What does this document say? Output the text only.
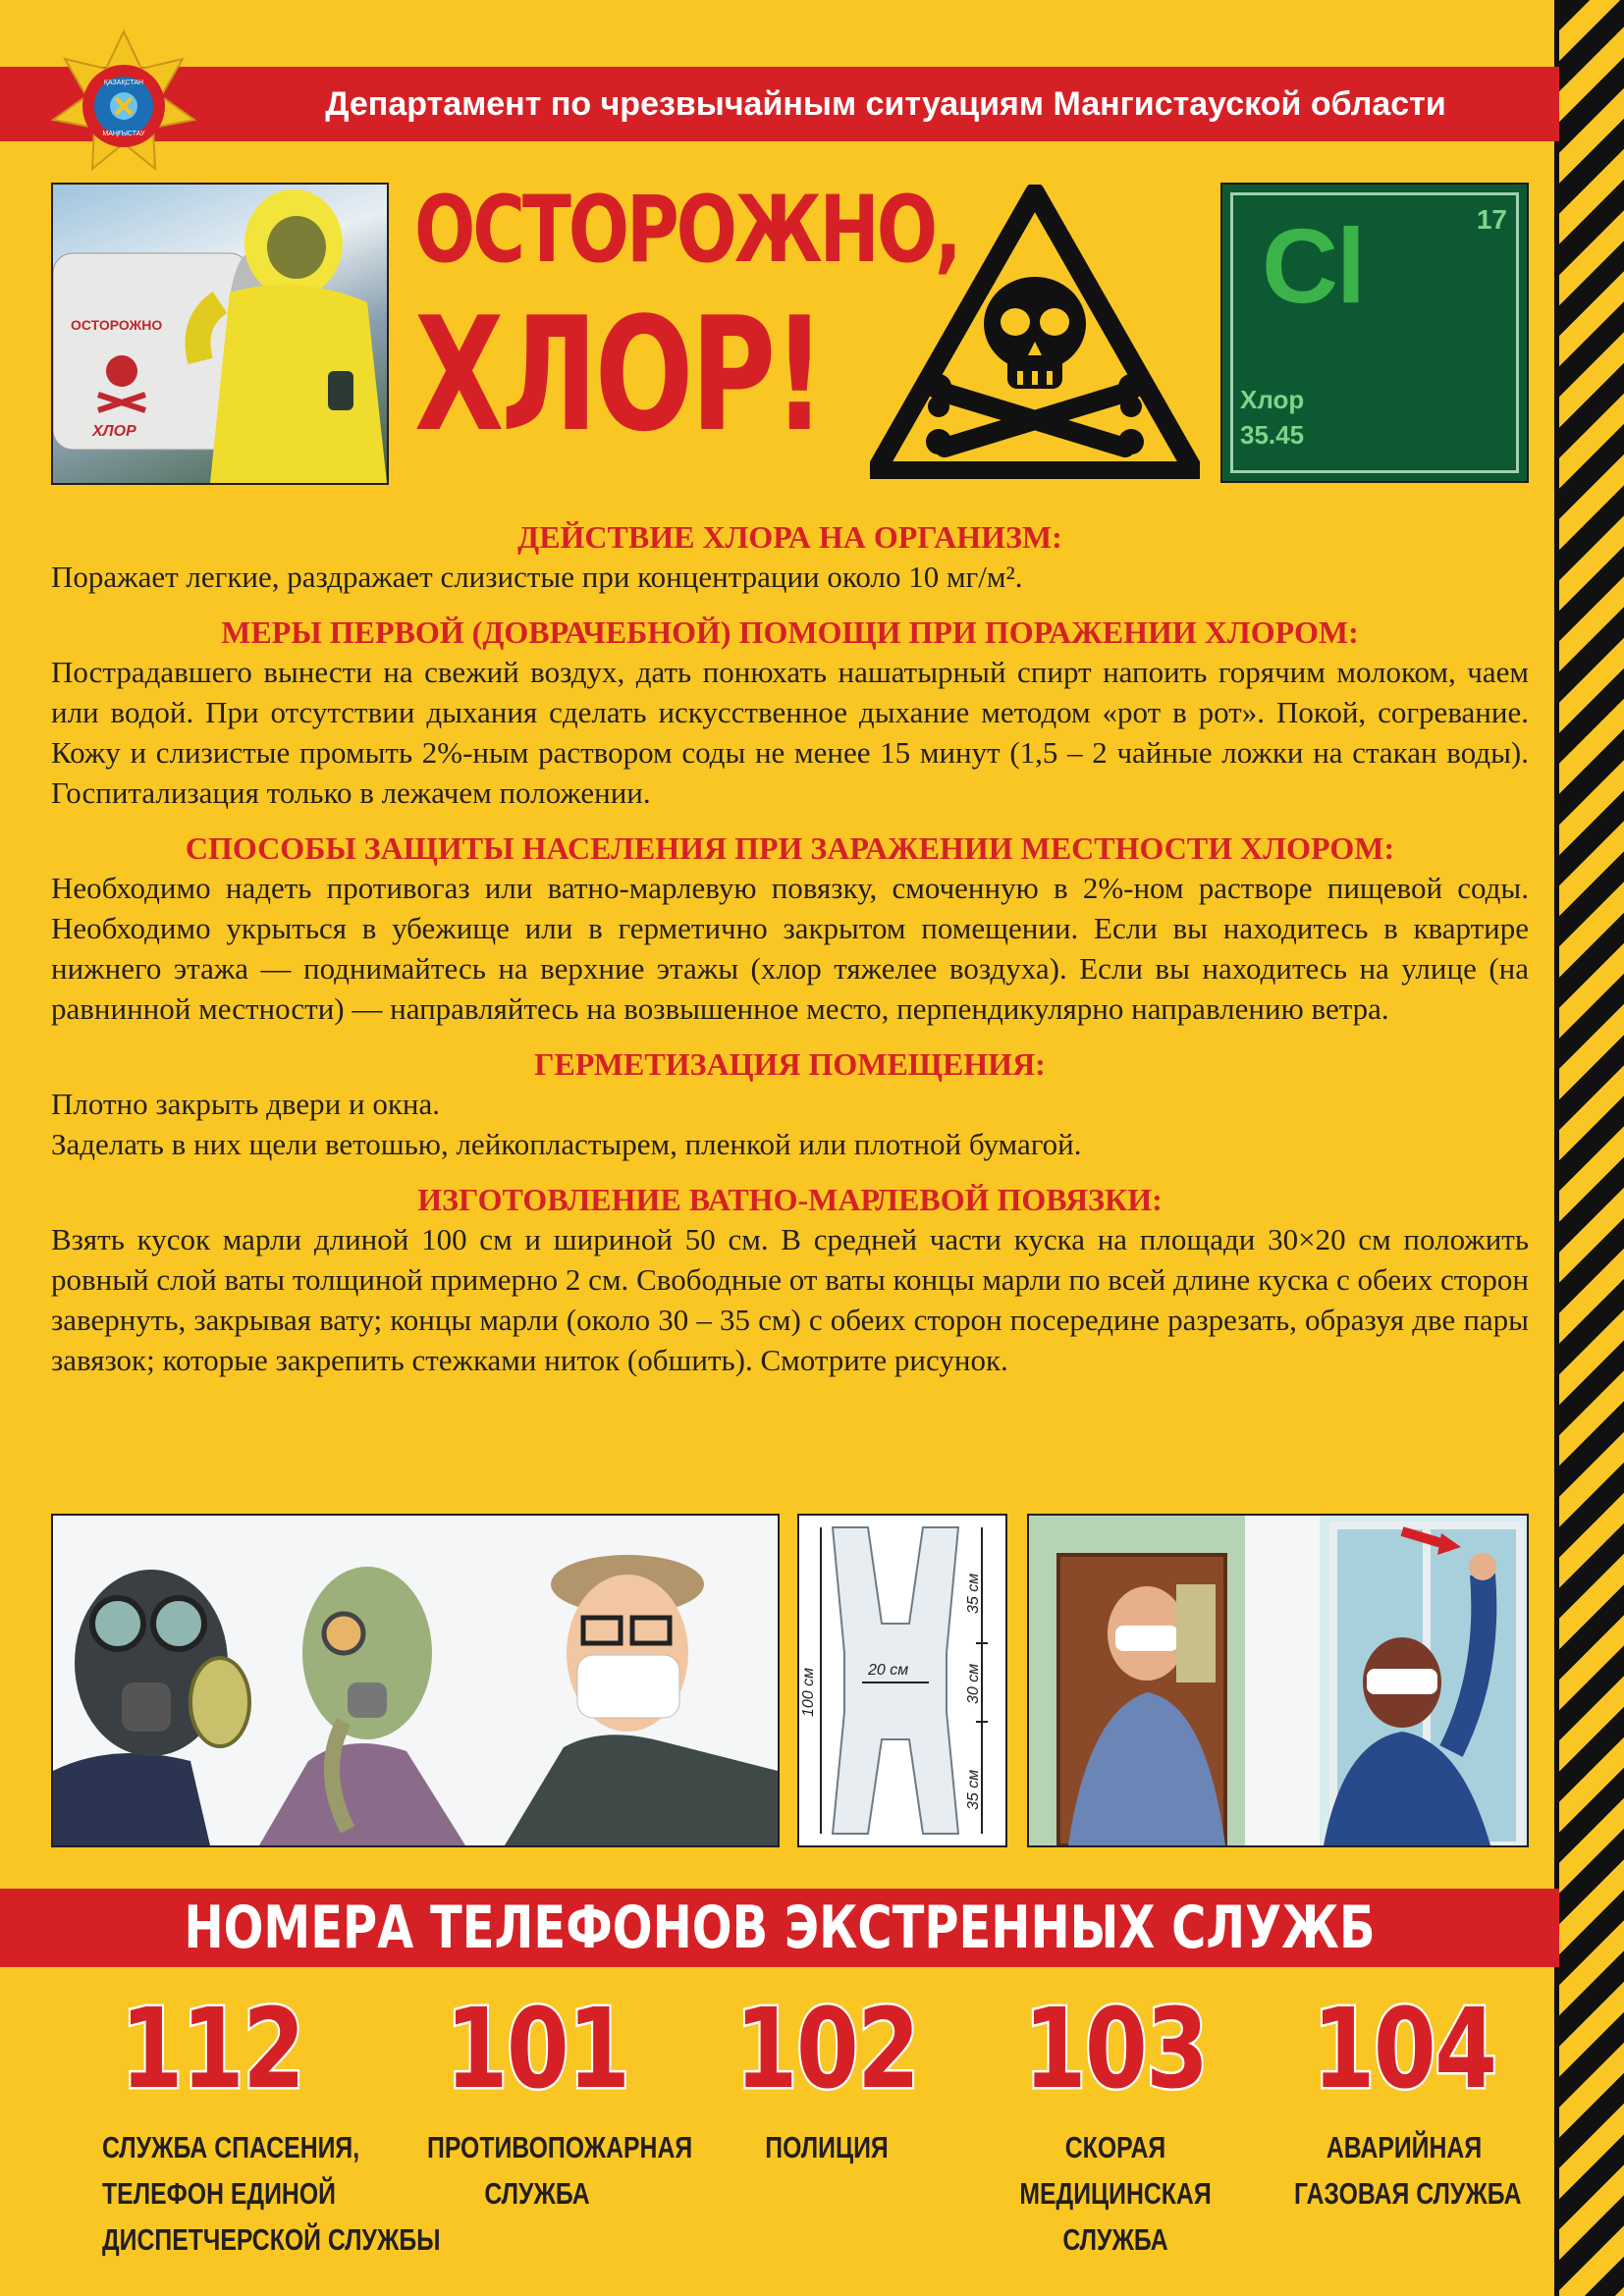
Департамент по чрезвычайным ситуациям Мангистауской области
ҚАЗАҚСТАН
МАҢҒЫСТАУ
ОСТОРОЖНО
ХЛОР
ОСТОРОЖНО,
ХЛОР!
Cl	17
Хлор
35.45

ДЕЙСТВИЕ ХЛОРА НА ОРГАНИЗМ:

Поражает легкие, раздражает слизистые при концентрации около 10 мг/м².

МЕРЫ ПЕРВОЙ (ДОВРАЧЕБНОЙ) ПОМОЩИ ПРИ ПОРАЖЕНИИ ХЛОРОМ:

Пострадавшего вынести на свежий воздух, дать понюхать нашатырный спирт напоить горячим молоком, чаем или водой. При отсутствии дыхания сделать искусственное дыхание методом «рот в рот». Покой, согревание. Кожу и слизистые промыть 2%-ным раствором соды не менее 15 минут (1,5 – 2 чайные ложки на стакан воды). Госпитализация только в лежачем положении.

СПОСОБЫ ЗАЩИТЫ НАСЕЛЕНИЯ ПРИ ЗАРАЖЕНИИ МЕСТНОСТИ ХЛОРОМ:

Необходимо надеть противогаз или ватно-марлевую повязку, смоченную в 2%-ном растворе пищевой соды. Необходимо укрыться в убежище или в герметично закрытом помещении. Если вы находитесь в квартире нижнего этажа — поднимайтесь на верхние этажы (хлор тяжелее воздуха). Если вы находитесь на улице (на равнинной местности) — направляйтесь на возвышенное место, перпендикулярно направлению ветра.

ГЕРМЕТИЗАЦИЯ ПОМЕЩЕНИЯ:

Плотно закрыть двери и окна.

Заделать в них щели ветошью, лейкопластырем, пленкой или плотной бумагой.

ИЗГОТОВЛЕНИЕ ВАТНО-МАРЛЕВОЙ ПОВЯЗКИ:

Взять кусок марли длиной 100 см и шириной 50 см. В средней части куска на площади 30×20 см положить ровный слой ваты толщиной примерно 2 см. Свободные от ваты концы марли по всей длине куска с обеих сторон завернуть, закрывая вату; концы марли (около 30 – 35 см) с обеих сторон посередине разрезать, образуя две пары завязок; которые закрепить стежками ниток (обшить). Смотрите рисунок.

100 см	20 см
35 см
30 см
35 см
НОМЕРА ТЕЛЕФОНОВ ЭКСТРЕННЫХ СЛУЖБ
112
СЛУЖБА СПАСЕНИЯ,
ТЕЛЕФОН ЕДИНОЙ
ДИСПЕТЧЕРСКОЙ СЛУЖБЫ
101
ПРОТИВОПОЖАРНАЯ
СЛУЖБА
102
ПОЛИЦИЯ
103
СКОРАЯ
МЕДИЦИНСКАЯ
СЛУЖБА
104
АВАРИЙНАЯ
ГАЗОВАЯ СЛУЖБА
